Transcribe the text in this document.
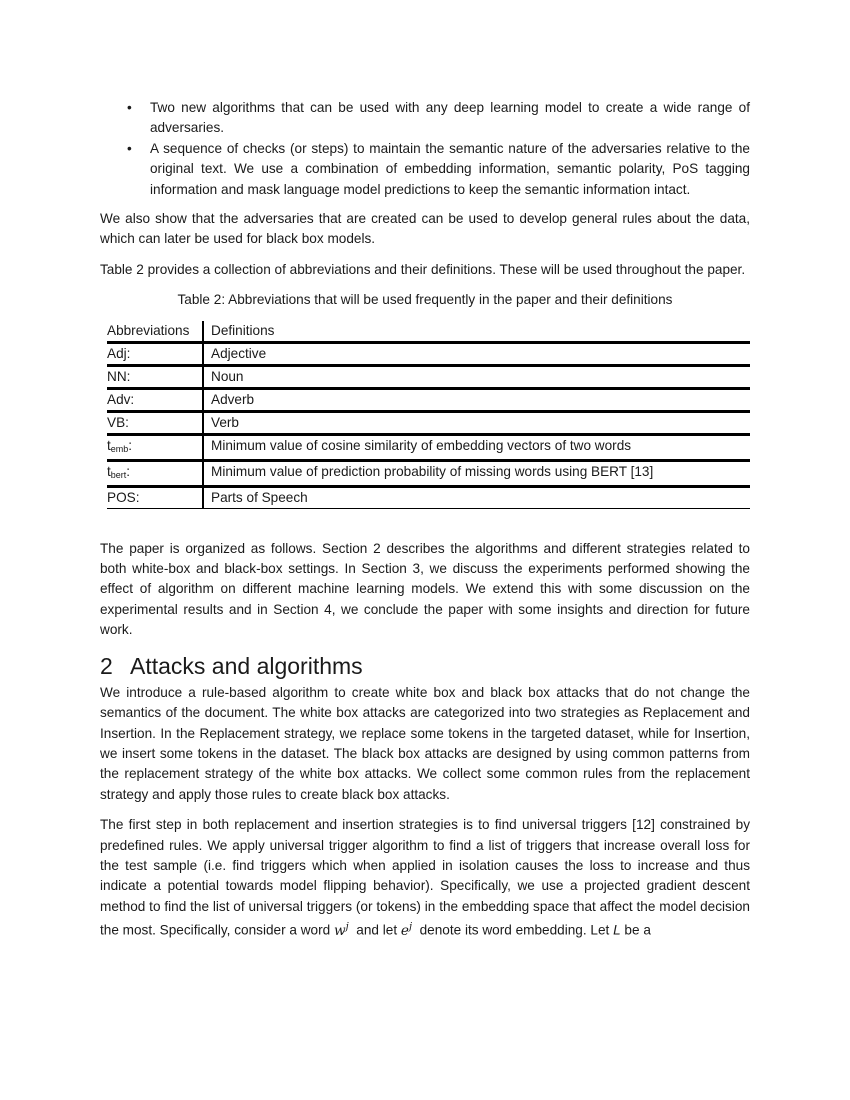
• Two new algorithms that can be used with any deep learning model to create a wide range of adversaries.
• A sequence of checks (or steps) to maintain the semantic nature of the adversaries relative to the original text. We use a combination of embedding information, semantic polarity, PoS tagging information and mask language model predictions to keep the semantic information intact.

We also show that the adversaries that are created can be used to develop general rules about the data, which can later be used for black box models.

Table 2 provides a collection of abbreviations and their definitions. These will be used throughout the paper.

Table 2: Abbreviations that will be used frequently in the paper and their definitions
Abbreviations	Definitions
Adj:	Adjective
NN:	Noun
Adv:	Adverb
VB:	Verb
$t_{emb}$:	Minimum value of cosine similarity of embedding vectors of two words
$t_{bert}$:	Minimum value of prediction probability of missing words using BERT [13]
POS:	Parts of Speech

The paper is organized as follows. Section 2 describes the algorithms and different strategies related to both white-box and black-box settings. In Section 3, we discuss the experiments performed showing the effect of algorithm on different machine learning models. We extend this with some discussion on the experimental results and in Section 4, we conclude the paper with some insights and direction for future work.

2 Attacks and algorithms

We introduce a rule-based algorithm to create white box and black box attacks that do not change the semantics of the document. The white box attacks are categorized into two strategies as Replacement and Insertion. In the Replacement strategy, we replace some tokens in the targeted dataset, while for Insertion, we insert some tokens in the dataset. The black box attacks are designed by using common patterns from the replacement strategy of the white box attacks. We collect some common rules from the replacement strategy and apply those rules to create black box attacks.

The first step in both replacement and insertion strategies is to find universal triggers [12] constrained by predefined rules. We apply universal trigger algorithm to find a list of triggers that increase overall loss for the test sample (i.e. find triggers which when applied in isolation causes the loss to increase and thus indicate a potential towards model flipping behavior). Specifically, we use a projected gradient descent method to find the list of universal triggers (or tokens) in the embedding space that affect the model decision the most. Specifically, consider a word $w^j$ and let $e^j$ denote its word embedding. Let L be a
